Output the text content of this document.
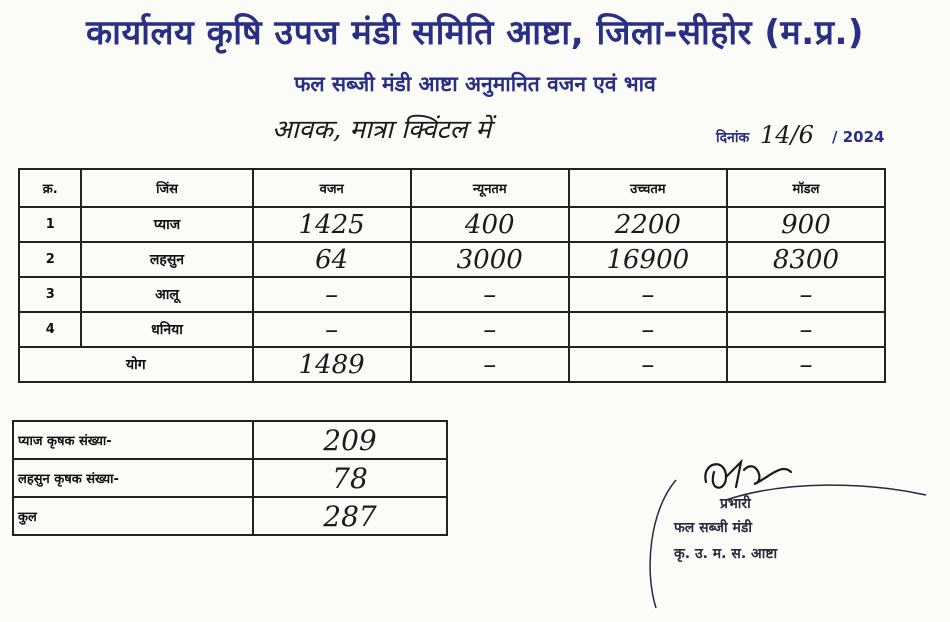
कार्यालय कृषि उपज मंडी समिति आष्टा, जिला-सीहोर (म.प्र.)
फल सब्जी मंडी आष्टा अनुमानित वजन एवं भाव
आवक, मात्रा क्विंटल में	दिनांक 14/6 / 2024
क्र.	जिंस	वजन	न्यूनतम	उच्चतम	मॉडल
1	प्याज	1425	400	2200	900
2	लहसुन	64	3000	16900	8300
3	आलू	–	–	–	–
4	धनिया	–	–	–	–
योग		1489	–	–	–
प्याज कृषक संख्या-	209
लहसुन कृषक संख्या-	78
कुल	287	प्रभारी
फल सब्जी मंडी
कृ. उ. म. स. आष्टा
